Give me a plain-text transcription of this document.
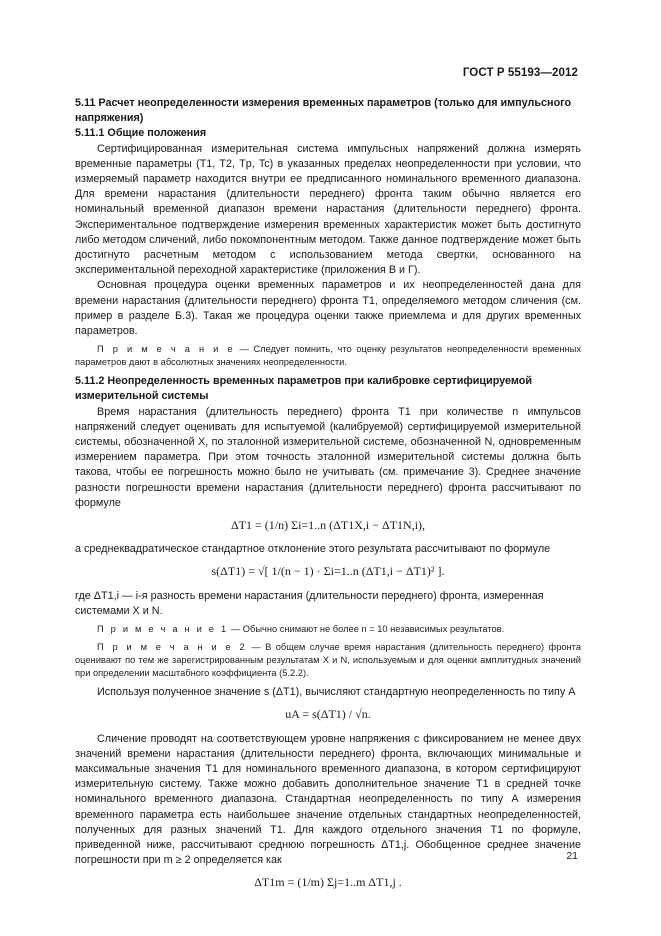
ГОСТ Р 55193—2012

5.11 Расчет неопределенности измерения временных параметров (только для импульсного напряжения)

5.11.1 Общие положения

Сертифицированная измерительная система импульсных напряжений должна измерять временные параметры (T1, T2, Tp, Tc) в указанных пределах неопределенности при условии, что измеряемый параметр находится внутри ее предписанного номинального временного диапазона. Для времени нарастания (длительности переднего) фронта таким обычно является его номинальный временной диапазон времени нарастания (длительности переднего) фронта. Экспериментальное подтверждение измерения временных характеристик может быть достигнуто либо методом сличений, либо покомпонентным методом. Также данное подтверждение может быть достигнуто расчетным методом с использованием метода свертки, основанного на экспериментальной переходной характеристике (приложения В и Г).

Основная процедура оценки временных параметров и их неопределенностей дана для времени нарастания (длительности переднего) фронта T1, определяемого методом сличения (см. пример в разделе Б.3). Такая же процедура оценки также приемлема и для других временных параметров.

П р и м е ч а н и е — Следует помнить, что оценку результатов неопределенности временных параметров дают в абсолютных значениях неопределенности.

5.11.2 Неопределенность временных параметров при калибровке сертифицируемой измерительной системы

Время нарастания (длительность переднего) фронта T1 при количестве n импульсов напряжений следует оценивать для испытуемой (калибруемой) сертифицируемой измерительной системы, обозначенной X, по эталонной измерительной системе, обозначенной N, одновременным измерением параметра. При этом точность эталонной измерительной системы должна быть такова, чтобы ее погрешность можно было не учитывать (см. примечание 3). Среднее значение разности погрешности времени нарастания (длительности переднего) фронта рассчитывают по формуле

ΔT1 = (1/n) Σi=1..n (ΔT1X,i − ΔT1N,i),

а среднеквадратическое стандартное отклонение этого результата рассчитывают по формуле

s(ΔT1) = √[ 1/(n − 1) · Σi=1..n (ΔT1,i − ΔT1)² ].

где ΔT1,i — i-я разность времени нарастания (длительности переднего) фронта, измеренная системами X и N.

П р и м е ч а н и е 1 — Обычно снимают не более n = 10 независимых результатов.

П р и м е ч а н и е 2 — В общем случае время нарастания (длительность переднего) фронта оценивают по тем же зарегистрированным результатам X и N, используемым и для оценки амплитудных значений при определении масштабного коэффициента (5.2.2).

Используя полученное значение s (ΔT1), вычисляют стандартную неопределенность по типу А

uA = s(ΔT1) / √n.

Сличение проводят на соответствующем уровне напряжения с фиксированием не менее двух значений времени нарастания (длительности переднего) фронта, включающих минимальные и максимальные значения T1 для номинального временного диапазона, в котором сертифицируют измерительную систему. Также можно добавить дополнительное значение T1 в средней точке номинального временного диапазона. Стандартная неопределенность по типу А измерения временного параметра есть наибольшее значение отдельных стандартных неопределенностей, полученных для разных значений T1. Для каждого отдельного значения T1 по формуле, приведенной ниже, рассчитывают среднюю погрешность ΔT1,j. Обобщенное среднее значение погрешности при m ≥ 2 определяется как

ΔT1m = (1/m) Σj=1..m ΔT1,j .
21
